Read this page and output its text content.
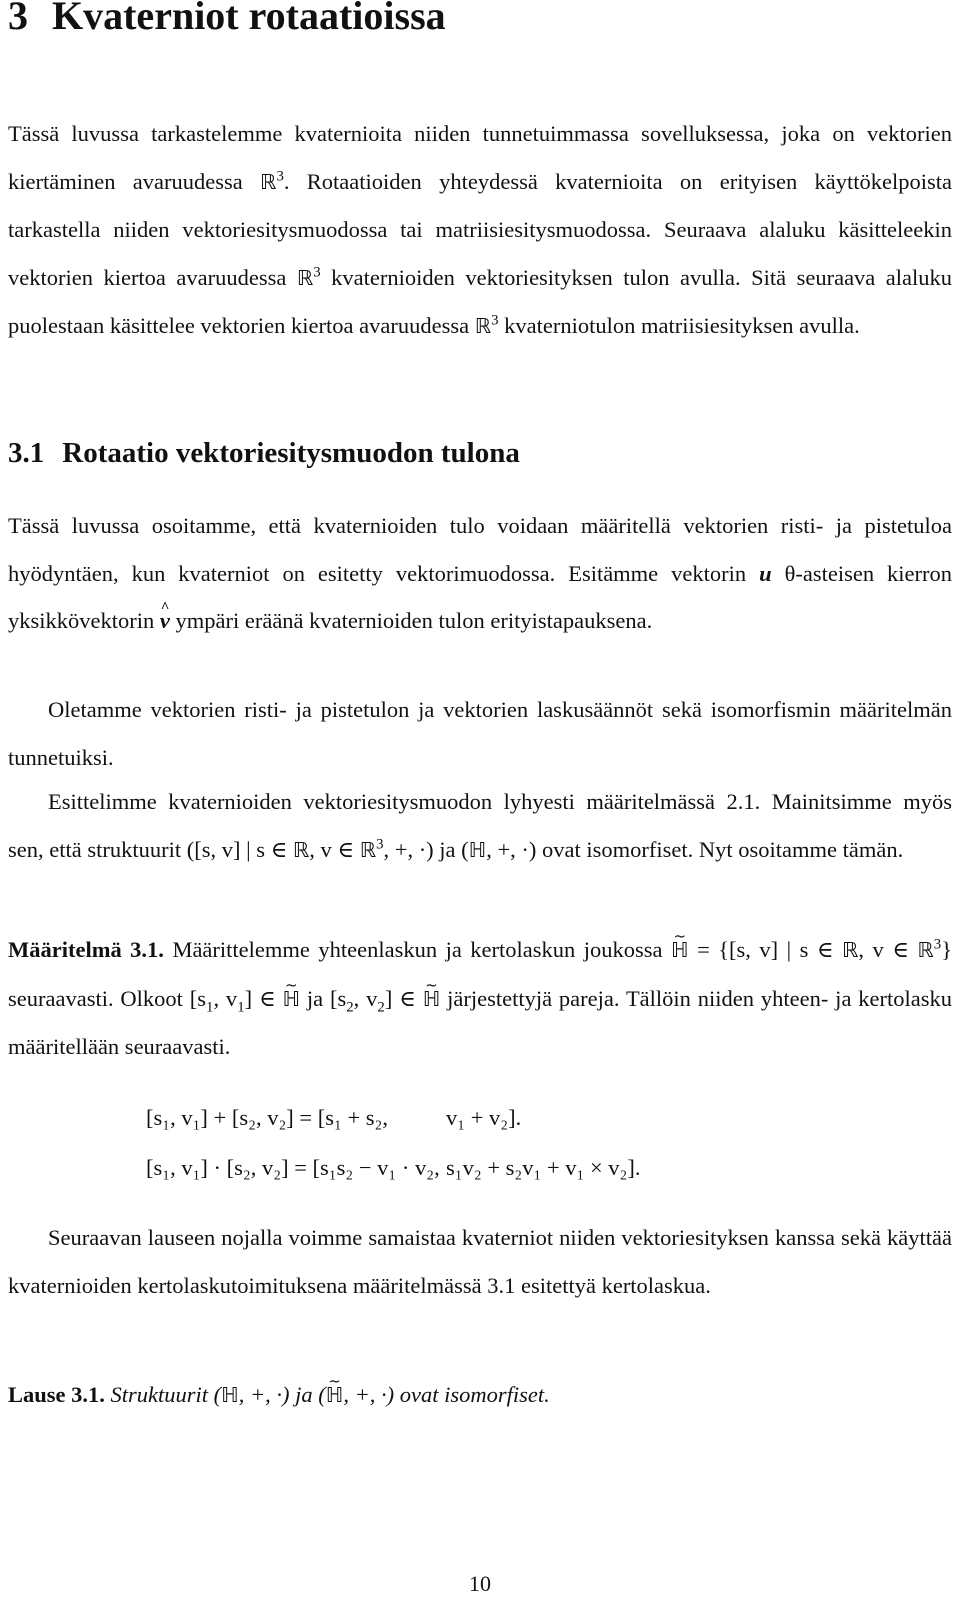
3 Kvaterniot rotaatioissa
Tässä luvussa tarkastelemme kvaternioita niiden tunnetuimmassa sovelluksessa, joka on vektorien kiertäminen avaruudessa ℝ$^3$. Rotaatioiden yhteydessä kvaternioita on erityisen käyttökelpoista tarkastella niiden vektoriesitysmuodossa tai matriisiesitysmuodossa. Seuraava alaluku käsitteleekin vektorien kiertoa avaruudessa ℝ$^3$ kvaternioiden vektoriesityksen tulon avulla. Sitä seuraava alaluku puolestaan käsittelee vektorien kiertoa avaruudessa ℝ$^3$ kvaterniotulon matriisiesityksen avulla.
3.1 Rotaatio vektoriesitysmuodon tulona
Tässä luvussa osoitamme, että kvaternioiden tulo voidaan määritellä vektorien risti- ja pistetuloa hyödyntäen, kun kvaterniot on esitetty vektorimuodossa. Esitämme vektorin u θ-asteisen kierron yksikkövektorin ^ v ympäri eräänä kvaternioiden tulon erityistapauksena.
Oletamme vektorien risti- ja pistetulon ja vektorien laskusäännöt sekä isomorfismin määritelmän tunnetuiksi.
Esittelimme kvaternioiden vektoriesitysmuodon lyhyesti määritelmässä 2.1. Mainitsimme myös sen, että struktuurit ([s, v] | s ∈ ℝ, v ∈ ℝ$^3$, +, ·) ja (ℍ, +, ·) ovat isomorfiset. Nyt osoitamme tämän.
Määritelmä 3.1. Määrittelemme yhteenlaskun ja kertolaskun joukossa ~ ℍ = {[s, v] | s ∈ ℝ, v ∈ ℝ$^3$} seuraavasti. Olkoot [$s_1$, $v_1$] ∈ ~ ℍ ja [$s_2$, $v_2$] ∈ ~ ℍ järjestettyjä pareja. Tällöin niiden yhteen- ja kertolasku määritellään seuraavasti.
[s₁, v₁] + [s₂, v₂] = [s₁ + s₂,	v₁ + v₂].
[s₁, v₁] · [s₂, v₂] = [s₁s₂ − v₁ · v₂, s₁v₂ + s₂v₁ + v₁ × v₂].
Seuraavan lauseen nojalla voimme samaistaa kvaterniot niiden vektoriesityksen kanssa sekä käyttää kvaternioiden kertolaskutoimituksena määritelmässä 3.1 esitettyä kertolaskua.
Lause 3.1. Struktuurit (ℍ, +, ·) ja (~ ℍ, +, ·) ovat isomorfiset.
10
